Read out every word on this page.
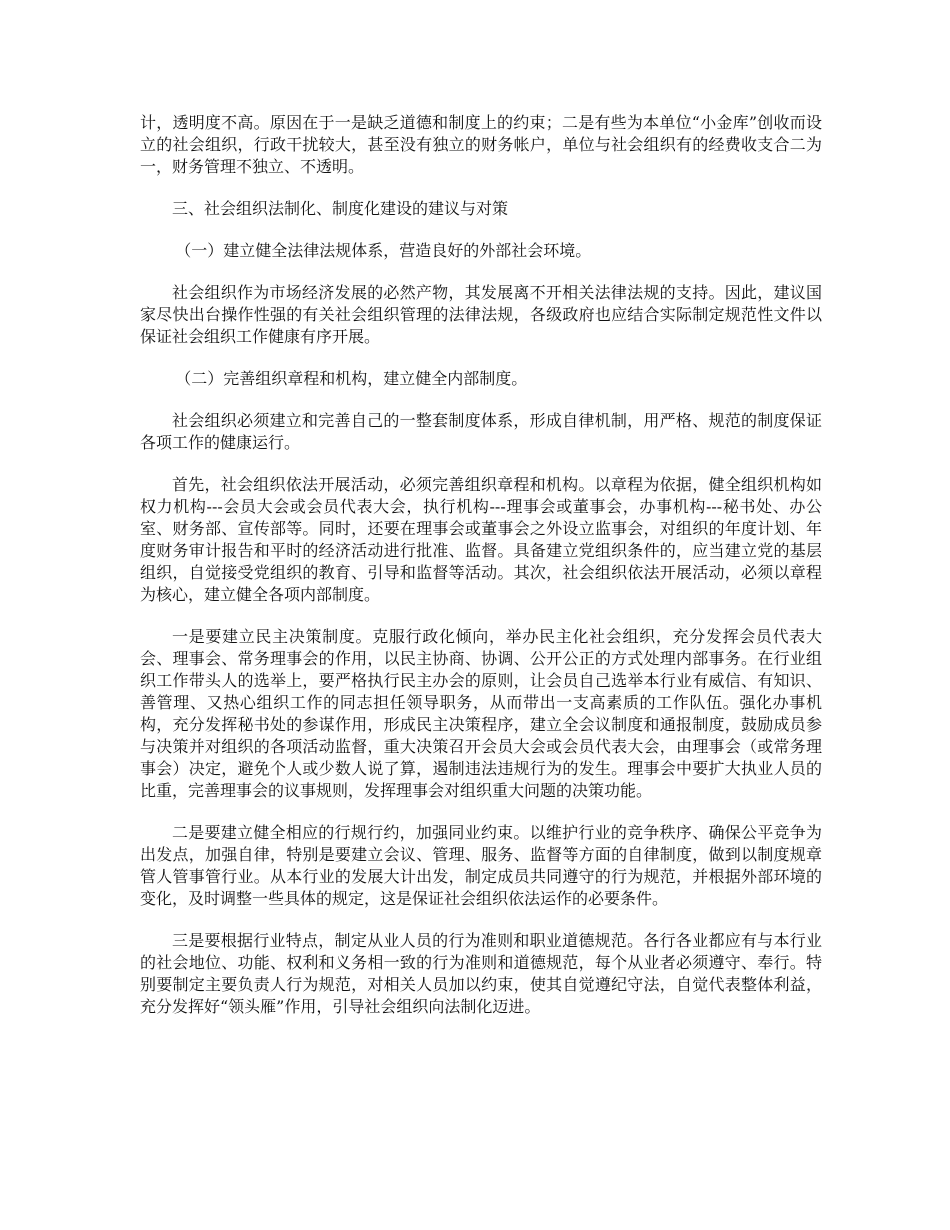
计，透明度不高。原因在于一是缺乏道德和制度上的约束；二是有些为本单位“小金库”创收而设立的社会组织，行政干扰较大，甚至没有独立的财务帐户，单位与社会组织有的经费收支合二为一，财务管理不独立、不透明。

三、社会组织法制化、制度化建设的建议与对策

（一）建立健全法律法规体系，营造良好的外部社会环境。

社会组织作为市场经济发展的必然产物，其发展离不开相关法律法规的支持。因此，建议国家尽快出台操作性强的有关社会组织管理的法律法规，各级政府也应结合实际制定规范性文件以保证社会组织工作健康有序开展。

（二）完善组织章程和机构，建立健全内部制度。

社会组织必须建立和完善自己的一整套制度体系，形成自律机制，用严格、规范的制度保证各项工作的健康运行。

首先，社会组织依法开展活动，必须完善组织章程和机构。以章程为依据，健全组织机构如权力机构---会员大会或会员代表大会，执行机构---理事会或董事会，办事机构---秘书处、办公室、财务部、宣传部等。同时，还要在理事会或董事会之外设立监事会，对组织的年度计划、年度财务审计报告和平时的经济活动进行批准、监督。具备建立党组织条件的，应当建立党的基层组织，自觉接受党组织的教育、引导和监督等活动。其次，社会组织依法开展活动，必须以章程为核心，建立健全各项内部制度。

一是要建立民主决策制度。克服行政化倾向，举办民主化社会组织，充分发挥会员代表大会、理事会、常务理事会的作用，以民主协商、协调、公开公正的方式处理内部事务。在行业组织工作带头人的选举上，要严格执行民主办会的原则，让会员自己选举本行业有威信、有知识、善管理、又热心组织工作的同志担任领导职务，从而带出一支高素质的工作队伍。强化办事机构，充分发挥秘书处的参谋作用，形成民主决策程序，建立全会议制度和通报制度，鼓励成员参与决策并对组织的各项活动监督，重大决策召开会员大会或会员代表大会，由理事会（或常务理事会）决定，避免个人或少数人说了算，遏制违法违规行为的发生。理事会中要扩大执业人员的比重，完善理事会的议事规则，发挥理事会对组织重大问题的决策功能。

二是要建立健全相应的行规行约，加强同业约束。以维护行业的竞争秩序、确保公平竞争为出发点，加强自律，特别是要建立会议、管理、服务、监督等方面的自律制度，做到以制度规章管人管事管行业。从本行业的发展大计出发，制定成员共同遵守的行为规范，并根据外部环境的变化，及时调整一些具体的规定，这是保证社会组织依法运作的必要条件。

三是要根据行业特点，制定从业人员的行为准则和职业道德规范。各行各业都应有与本行业的社会地位、功能、权利和义务相一致的行为准则和道德规范，每个从业者必须遵守、奉行。特别要制定主要负责人行为规范，对相关人员加以约束，使其自觉遵纪守法，自觉代表整体利益，充分发挥好“领头雁”作用，引导社会组织向法制化迈进。
